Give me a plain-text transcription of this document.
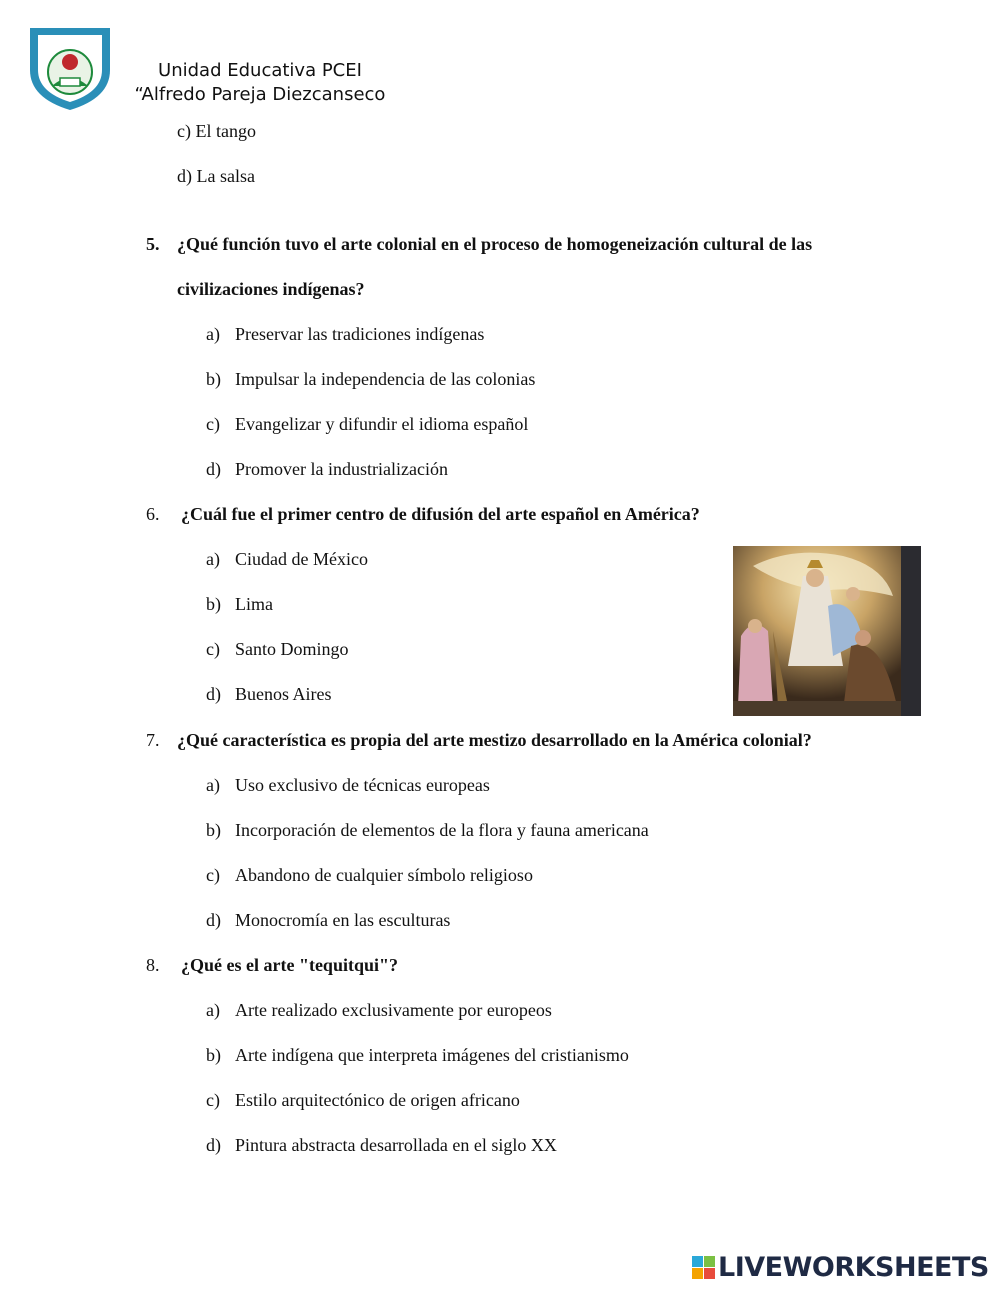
Unidad Educativa PCEI
“Alfredo Pareja Diezcanseco
c) El tango
d) La salsa
5. ¿Qué función tuvo el arte colonial en el proceso de homogeneización cultural de las
civilizaciones indígenas?
a) Preservar las tradiciones indígenas
b) Impulsar la independencia de las colonias
c) Evangelizar y difundir el idioma español
d) Promover la industrialización
6.	¿Cuál fue el primer centro de difusión del arte español en América?
a) Ciudad de México
b) Lima
c) Santo Domingo
d) Buenos Aires
7. ¿Qué característica es propia del arte mestizo desarrollado en la América colonial?
a) Uso exclusivo de técnicas europeas
b) Incorporación de elementos de la flora y fauna americana
c) Abandono de cualquier símbolo religioso
d) Monocromía en las esculturas
8.	¿Qué es el arte "tequitqui"?
a) Arte realizado exclusivamente por europeos
b) Arte indígena que interpreta imágenes del cristianismo
c) Estilo arquitectónico de origen africano
d) Pintura abstracta desarrollada en el siglo XX
LIVEWORKSHEETS
